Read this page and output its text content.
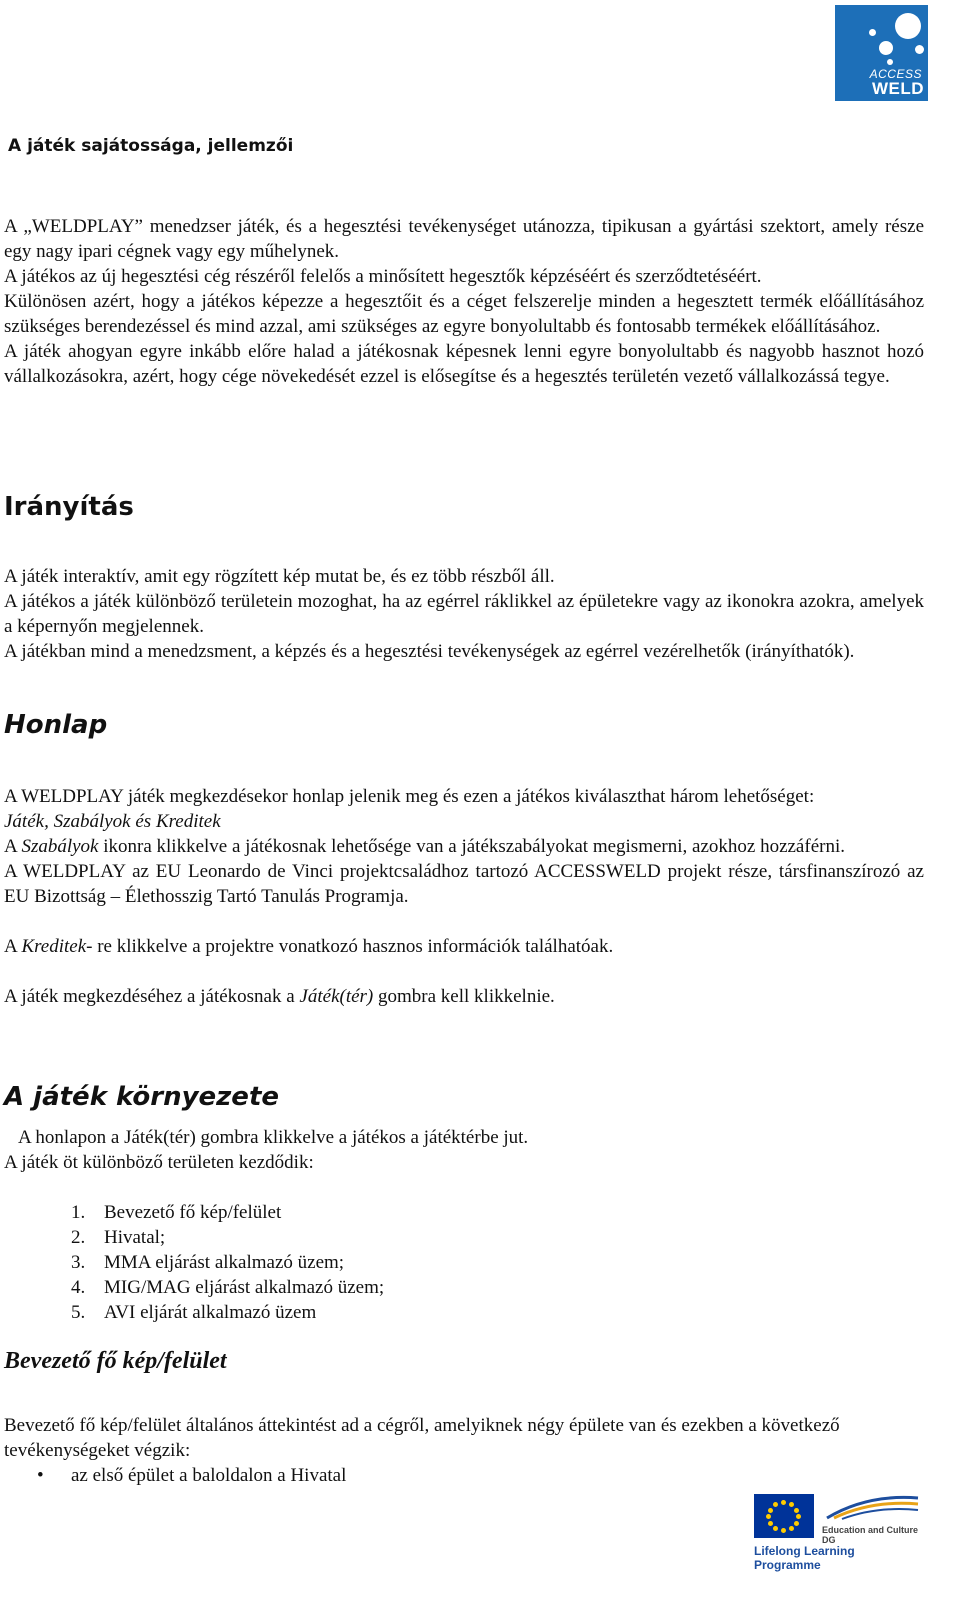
ACCESS
WELD
A játék sajátossága, jellemzői

A „WELDPLAY” menedzser játék, és a hegesztési tevékenységet utánozza, tipikusan a gyártási szektort, amely része egy nagy ipari cégnek vagy egy műhelynek.

A játékos az új hegesztési cég részéről felelős a minősített hegesztők képzéséért és szerződtetéséért.

Különösen azért, hogy a játékos képezze a hegesztőit és a céget felszerelje minden a hegesztett termék előállításához szükséges berendezéssel és mind azzal, ami szükséges az egyre bonyolultabb és fontosabb termékek előállításához.

A játék ahogyan egyre inkább előre halad a játékosnak képesnek lenni egyre bonyolultabb és nagyobb hasznot hozó vállalkozásokra, azért, hogy cége növekedését ezzel is elősegítse és a hegesztés területén vezető vállalkozássá tegye.

Irányítás

A játék interaktív, amit egy rögzített kép mutat be, és ez több részből áll.

A játékos a játék különböző területein mozoghat, ha az egérrel ráklikkel az épületekre vagy az ikonokra azokra, amelyek a képernyőn megjelennek.

A játékban mind a menedzsment, a képzés és a hegesztési tevékenységek az egérrel vezérelhetők (irányíthatók).

Honlap

A WELDPLAY játék megkezdésekor honlap jelenik meg és ezen a játékos kiválaszthat három lehetőséget:

Játék, Szabályok és Kreditek

A Szabályok ikonra klikkelve a játékosnak lehetősége van a játékszabályokat megismerni, azokhoz hozzáférni.

A WELDPLAY az EU Leonardo de Vinci projektcsaládhoz tartozó ACCESSWELD projekt része, társfinanszírozó az EU Bizottság – Élethosszig Tartó Tanulás Programja.

A Kreditek- re klikkelve a projektre vonatkozó hasznos információk találhatóak.

A játék megkezdéséhez a játékosnak a Játék(tér) gombra kell klikkelnie.

A játék környezete

A honlapon a Játék(tér) gombra klikkelve a játékos a játéktérbe jut.

A játék öt különböző területen kezdődik:

1. Bevezető fő kép/felület
2. Hivatal;
3. MMA eljárást alkalmazó üzem;
4. MIG/MAG eljárást alkalmazó üzem;
5. AVI eljárát alkalmazó üzem
Bevezető fő kép/felület

Bevezető fő kép/felület általános áttekintést ad a cégről, amelyiknek négy épülete van és ezekben a következő tevékenységeket végzik:

• az első épület a baloldalon a Hivatal
Education and Culture DG
Lifelong Learning Programme
